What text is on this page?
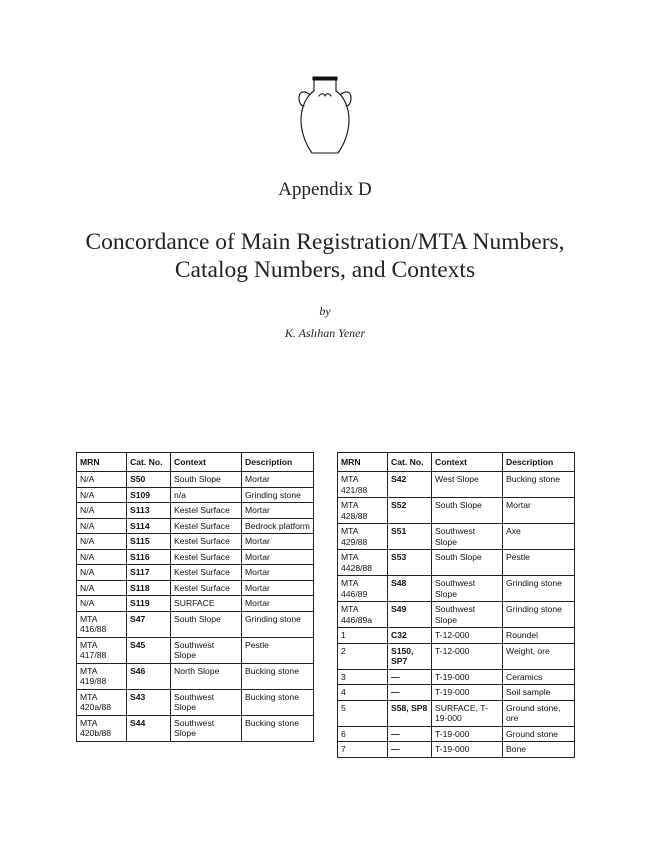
Appendix D
Concordance of Main Registration/MTA Numbers,
Catalog Numbers, and Contexts
by
K. Aslıhan Yener
MRN	Cat. No.	Context	Description
N/A	S50	South Slope	Mortar
N/A	S109	n/a	Grinding stone
N/A	S113	Kestel Surface	Mortar
N/A	S114	Kestel Surface	Bedrock platform
N/A	S115	Kestel Surface	Mortar
N/A	S116	Kestel Surface	Mortar
N/A	S117	Kestel Surface	Mortar
N/A	S118	Kestel Surface	Mortar
N/A	S119	SURFACE	Mortar
MTA 416/88	S47	South Slope	Grinding stone
MTA 417/88	S45	Southwest Slope	Pestle
MTA 419/88	S46	North Slope	Bucking stone
MTA 420a/88	S43	Southwest Slope	Bucking stone
MTA 420b/88	S44	Southwest Slope	Bucking stone
MRN	Cat. No.	Context	Description
MTA 421/88	S42	West Slope	Bucking stone
MTA 428/88	S52	South Slope	Mortar
MTA 429/88	S51	Southwest Slope	Axe
MTA 4428/88	S53	South Slope	Pestle
MTA 446/89	S48	Southwest Slope	Grinding stone
MTA 446/89a	S49	Southwest Slope	Grinding stone
1	C32	T-12-000	Roundel
2	S150, SP7	T-12-000	Weight, ore
3	—	T-19-000	Ceramics
4	—	T-19-000	Soil sample
5	S58, SP8	SURFACE, T-19-000	Ground stone, ore
6	—	T-19-000	Ground stone
7	—	T-19-000	Bone
